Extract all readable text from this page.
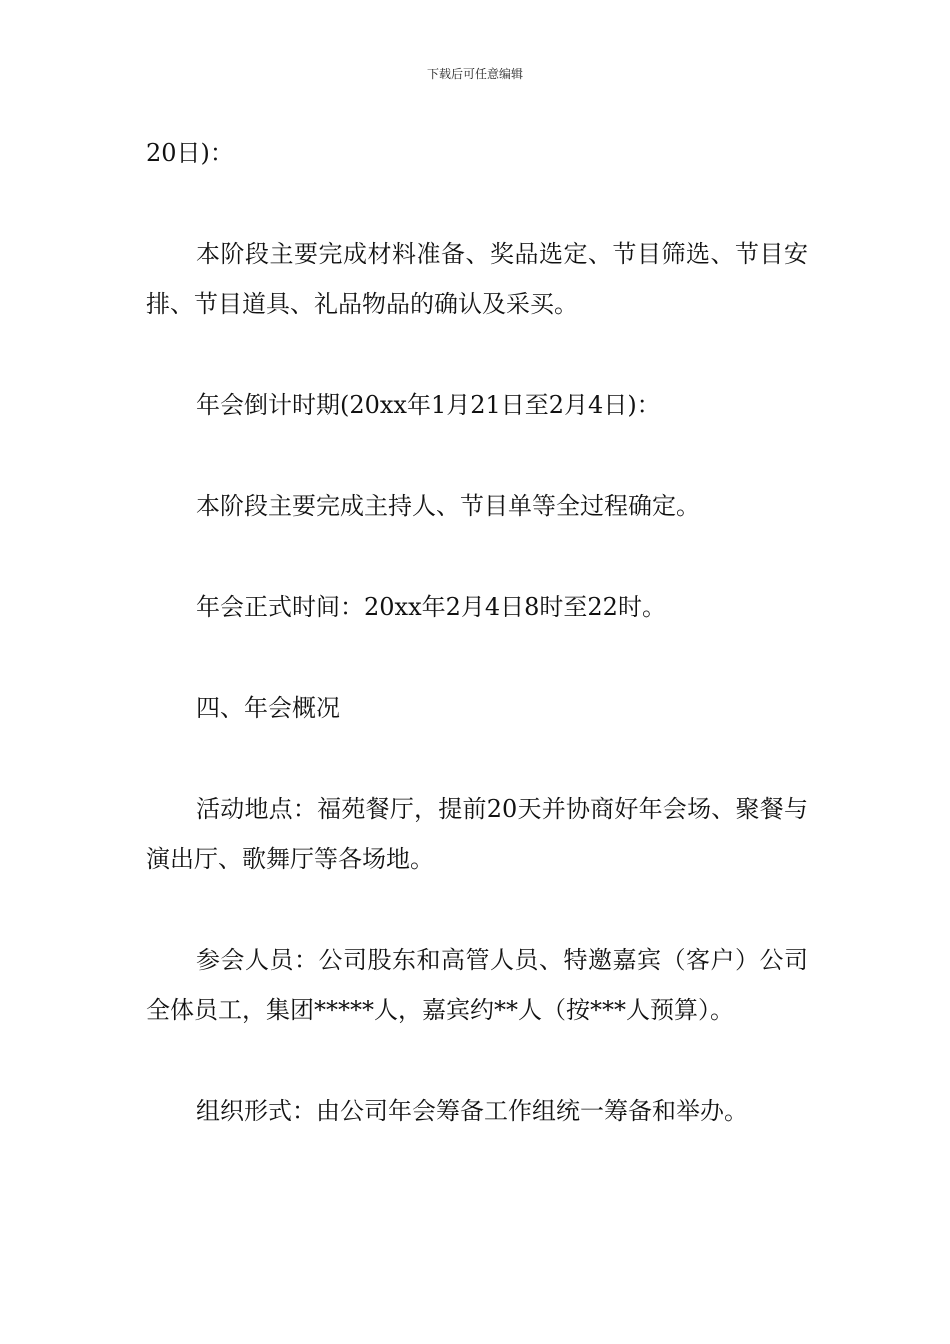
下载后可任意编辑

20日)：

本阶段主要完成材料准备、奖品选定、节目筛选、节目安排、节目道具、礼品物品的确认及采买。

年会倒计时期(20xx年1月21日至2月4日)：

本阶段主要完成主持人、节目单等全过程确定。

年会正式时间：20xx年2月4日8时至22时。

四、年会概况

活动地点：福苑餐厅，提前20天并协商好年会场、聚餐与演出厅、歌舞厅等各场地。

参会人员：公司股东和高管人员、特邀嘉宾（客户）公司全体员工，集团*****人，嘉宾约**人（按***人预算）。

组织形式：由公司年会筹备工作组统一筹备和举办。
